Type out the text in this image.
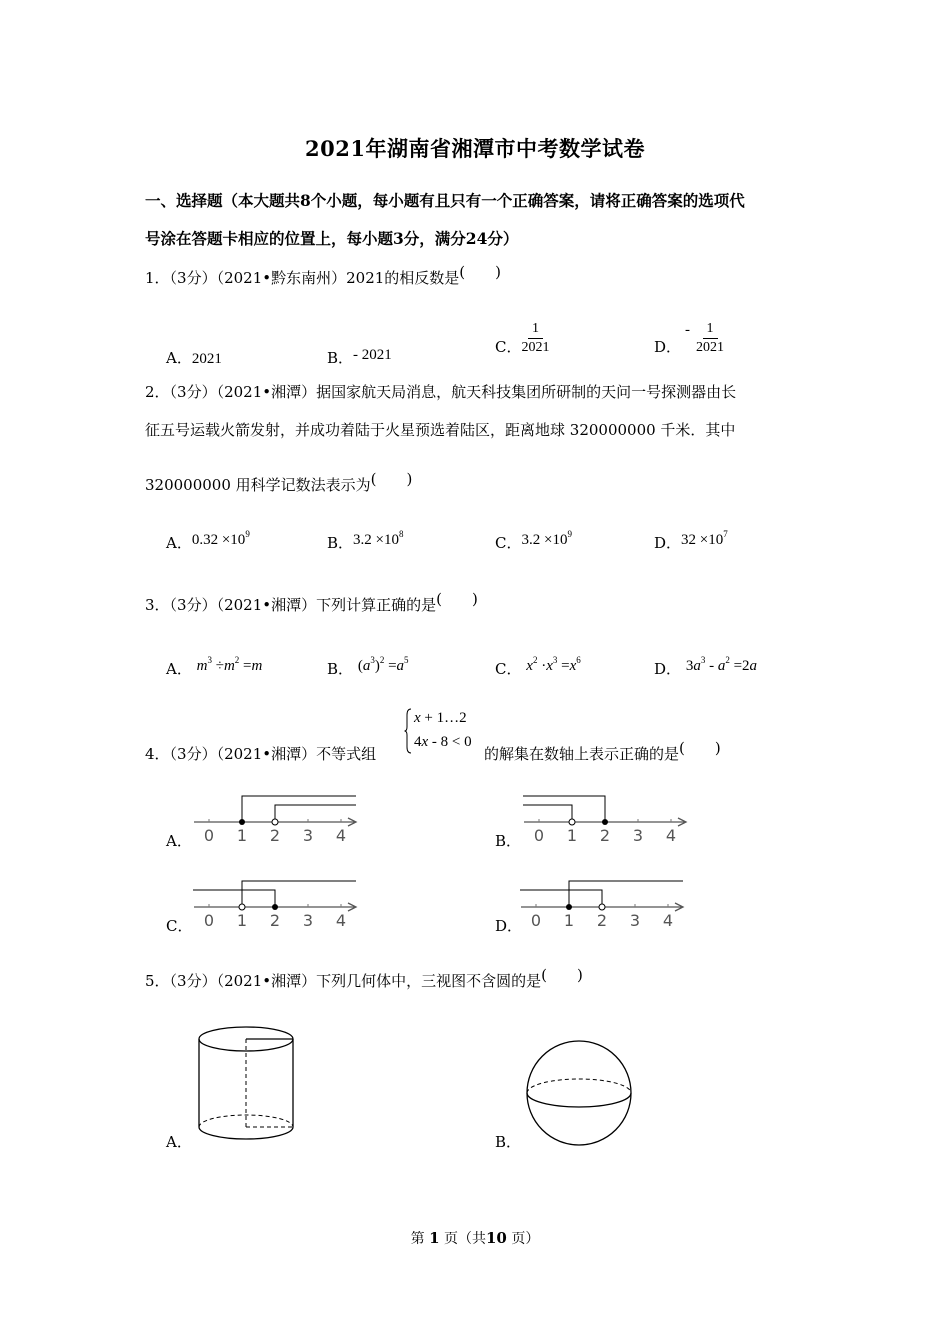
2021年湖南省湘潭市中考数学试卷
一、选择题（本大题共8个小题，每小题有且只有一个正确答案，请将正确答案的选项代
号涂在答题卡相应的位置上，每小题3分，满分24分）
1．（3分）（2021•黔东南州）2021的相反数是(　　)
A．2021	B．- 2021	C． $\frac{1}{2021}$	D．
- $\frac{1}{2021}$
2．（3分）（2021•湘潭）据国家航天局消息，航天科技集团所研制的天问一号探测器由长
征五号运载火箭发射，并成功着陆于火星预选着陆区，距离地球 320000000 千米．其中
320000000 用科学记数法表示为(　　)
A．$0.32 \times 10^9$	B．$3.2 \times 10^8$	C．$3.2 \times 10^9$	D．$32 \times 10^7$
3．（3分）（2021•湘潭）下列计算正确的是(　　)
A． $m^3 \div m^2 =m$	B． $(a^3)^2 =a^5$	C． $x^2 \cdot x^3 =x^6$	D． $3a^3 - a^2 =2a$
4．（3分）（2021•湘潭）不等式组
x + 1…2
4x - 8 < 0
的解集在数轴上表示正确的是(　　)
A．	B．
C．	D．
0 1 2 3 4	0 1 2 3 4
0 1 2 3 4	0 1 2 3 4
5．（3分）（2021•湘潭）下列几何体中，三视图不含圆的是(　　)
A．	B．
第 1 页（共10 页）
